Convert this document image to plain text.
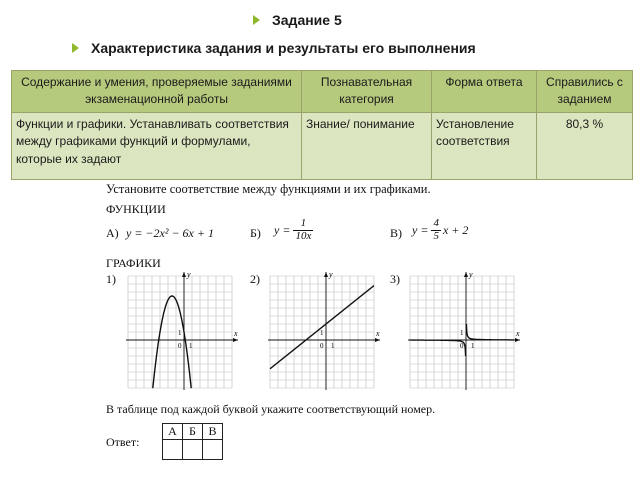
Задание 5
Характеристика задания и результаты его выполнения
Содержание и умения, проверяемые заданиями экзаменационной работы	Познавательная категория	Форма ответа	Справились с заданием
Функции и графики. Устанавливать соответствия между графиками функций и формулами, которые их задают	Знание/ понимание	Установление соответствия	80,3 %
Установите соответствие между функциями и их графиками.
ФУНКЦИИ
А) y = −2x² − 6x + 1	Б) $y = \frac{1}{10x}$	В) $y = \frac{4}{5}$ x + 2
ГРАФИКИ
1)	2)	3)
x
y
0 1
1	x
y
0 1
1	x
y
0 1
1
В таблице под каждой буквой укажите соответствующий номер.
Ответ:
А	Б	В
